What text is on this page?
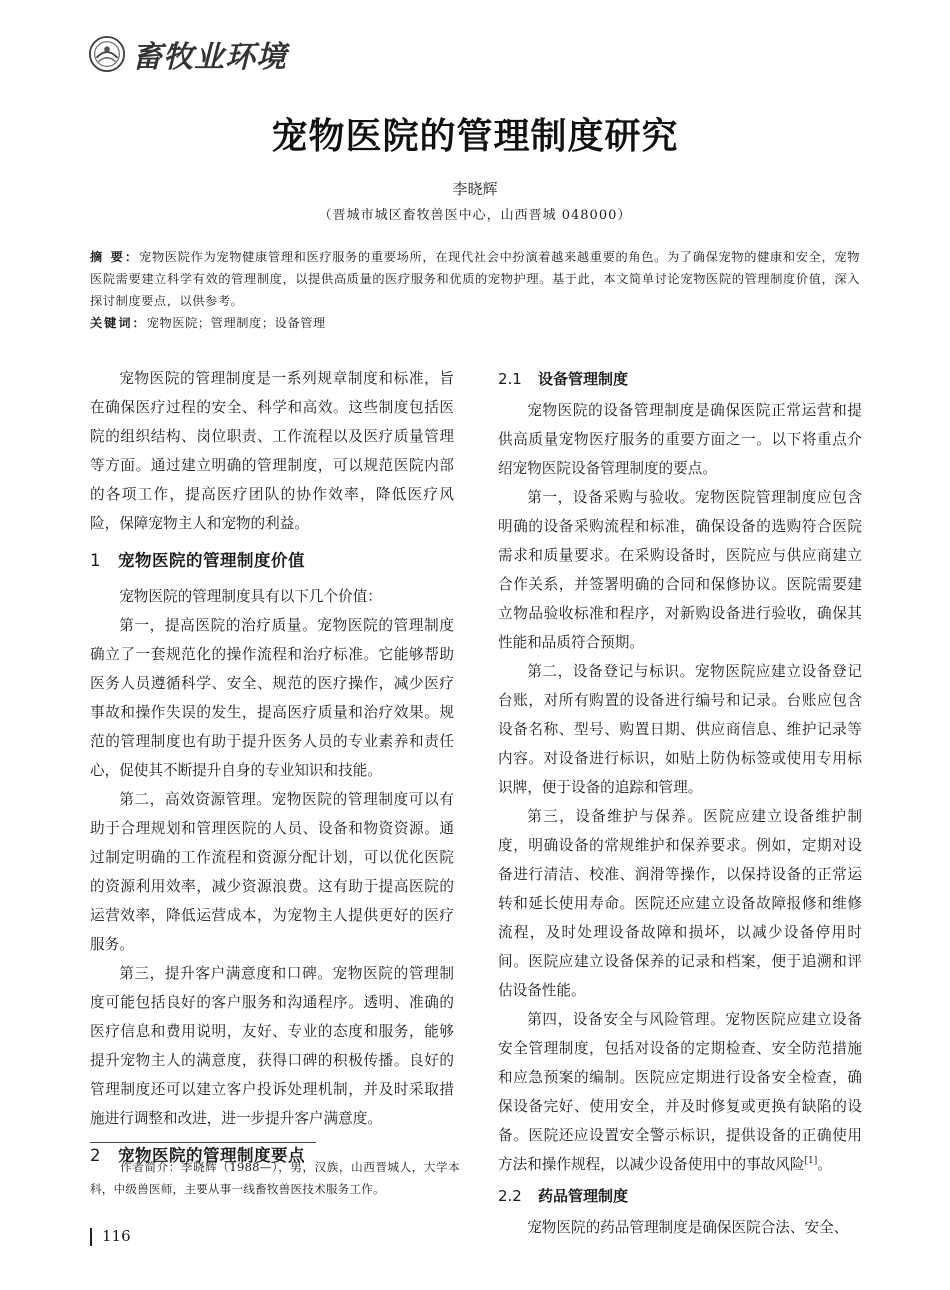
畜牧业环境
宠物医院的管理制度研究
李晓辉
（晋城市城区畜牧兽医中心，山西晋城 048000）

摘 要：宠物医院作为宠物健康管理和医疗服务的重要场所，在现代社会中扮演着越来越重要的角色。为了确保宠物的健康和安全，宠物医院需要建立科学有效的管理制度，以提供高质量的医疗服务和优质的宠物护理。基于此，本文简单讨论宠物医院的管理制度价值，深入探讨制度要点，以供参考。

关键词：宠物医院；管理制度；设备管理

宠物医院的管理制度是一系列规章制度和标准，旨在确保医疗过程的安全、科学和高效。这些制度包括医院的组织结构、岗位职责、工作流程以及医疗质量管理等方面。通过建立明确的管理制度，可以规范医院内部的各项工作，提高医疗团队的协作效率，降低医疗风险，保障宠物主人和宠物的利益。

1 宠物医院的管理制度价值

宠物医院的管理制度具有以下几个价值：

第一，提高医院的治疗质量。宠物医院的管理制度确立了一套规范化的操作流程和治疗标准。它能够帮助医务人员遵循科学、安全、规范的医疗操作，减少医疗事故和操作失误的发生，提高医疗质量和治疗效果。规范的管理制度也有助于提升医务人员的专业素养和责任心，促使其不断提升自身的专业知识和技能。

第二，高效资源管理。宠物医院的管理制度可以有助于合理规划和管理医院的人员、设备和物资资源。通过制定明确的工作流程和资源分配计划，可以优化医院的资源利用效率，减少资源浪费。这有助于提高医院的运营效率，降低运营成本，为宠物主人提供更好的医疗服务。

第三，提升客户满意度和口碑。宠物医院的管理制度可能包括良好的客户服务和沟通程序。透明、准确的医疗信息和费用说明，友好、专业的态度和服务，能够提升宠物主人的满意度，获得口碑的积极传播。良好的管理制度还可以建立客户投诉处理机制，并及时采取措施进行调整和改进，进一步提升客户满意度。

2 宠物医院的管理制度要点

作者简介：李晓辉（1988—），男，汉族，山西晋城人，大学本科，中级兽医师，主要从事一线畜牧兽医技术服务工作。

2.1 设备管理制度

宠物医院的设备管理制度是确保医院正常运营和提供高质量宠物医疗服务的重要方面之一。以下将重点介绍宠物医院设备管理制度的要点。

第一，设备采购与验收。宠物医院管理制度应包含明确的设备采购流程和标准，确保设备的选购符合医院需求和质量要求。在采购设备时，医院应与供应商建立合作关系，并签署明确的合同和保修协议。医院需要建立物品验收标准和程序，对新购设备进行验收，确保其性能和品质符合预期。

第二，设备登记与标识。宠物医院应建立设备登记台账，对所有购置的设备进行编号和记录。台账应包含设备名称、型号、购置日期、供应商信息、维护记录等内容。对设备进行标识，如贴上防伪标签或使用专用标识牌，便于设备的追踪和管理。

第三，设备维护与保养。医院应建立设备维护制度，明确设备的常规维护和保养要求。例如，定期对设备进行清洁、校准、润滑等操作，以保持设备的正常运转和延长使用寿命。医院还应建立设备故障报修和维修流程，及时处理设备故障和损坏，以减少设备停用时间。医院应建立设备保养的记录和档案，便于追溯和评估设备性能。

第四，设备安全与风险管理。宠物医院应建立设备安全管理制度，包括对设备的定期检查、安全防范措施和应急预案的编制。医院应定期进行设备安全检查，确保设备完好、使用安全，并及时修复或更换有缺陷的设备。医院还应设置安全警示标识，提供设备的正确使用方法和操作规程，以减少设备使用中的事故风险[1]。

2.2 药品管理制度

宠物医院的药品管理制度是确保医院合法、安全、

116
